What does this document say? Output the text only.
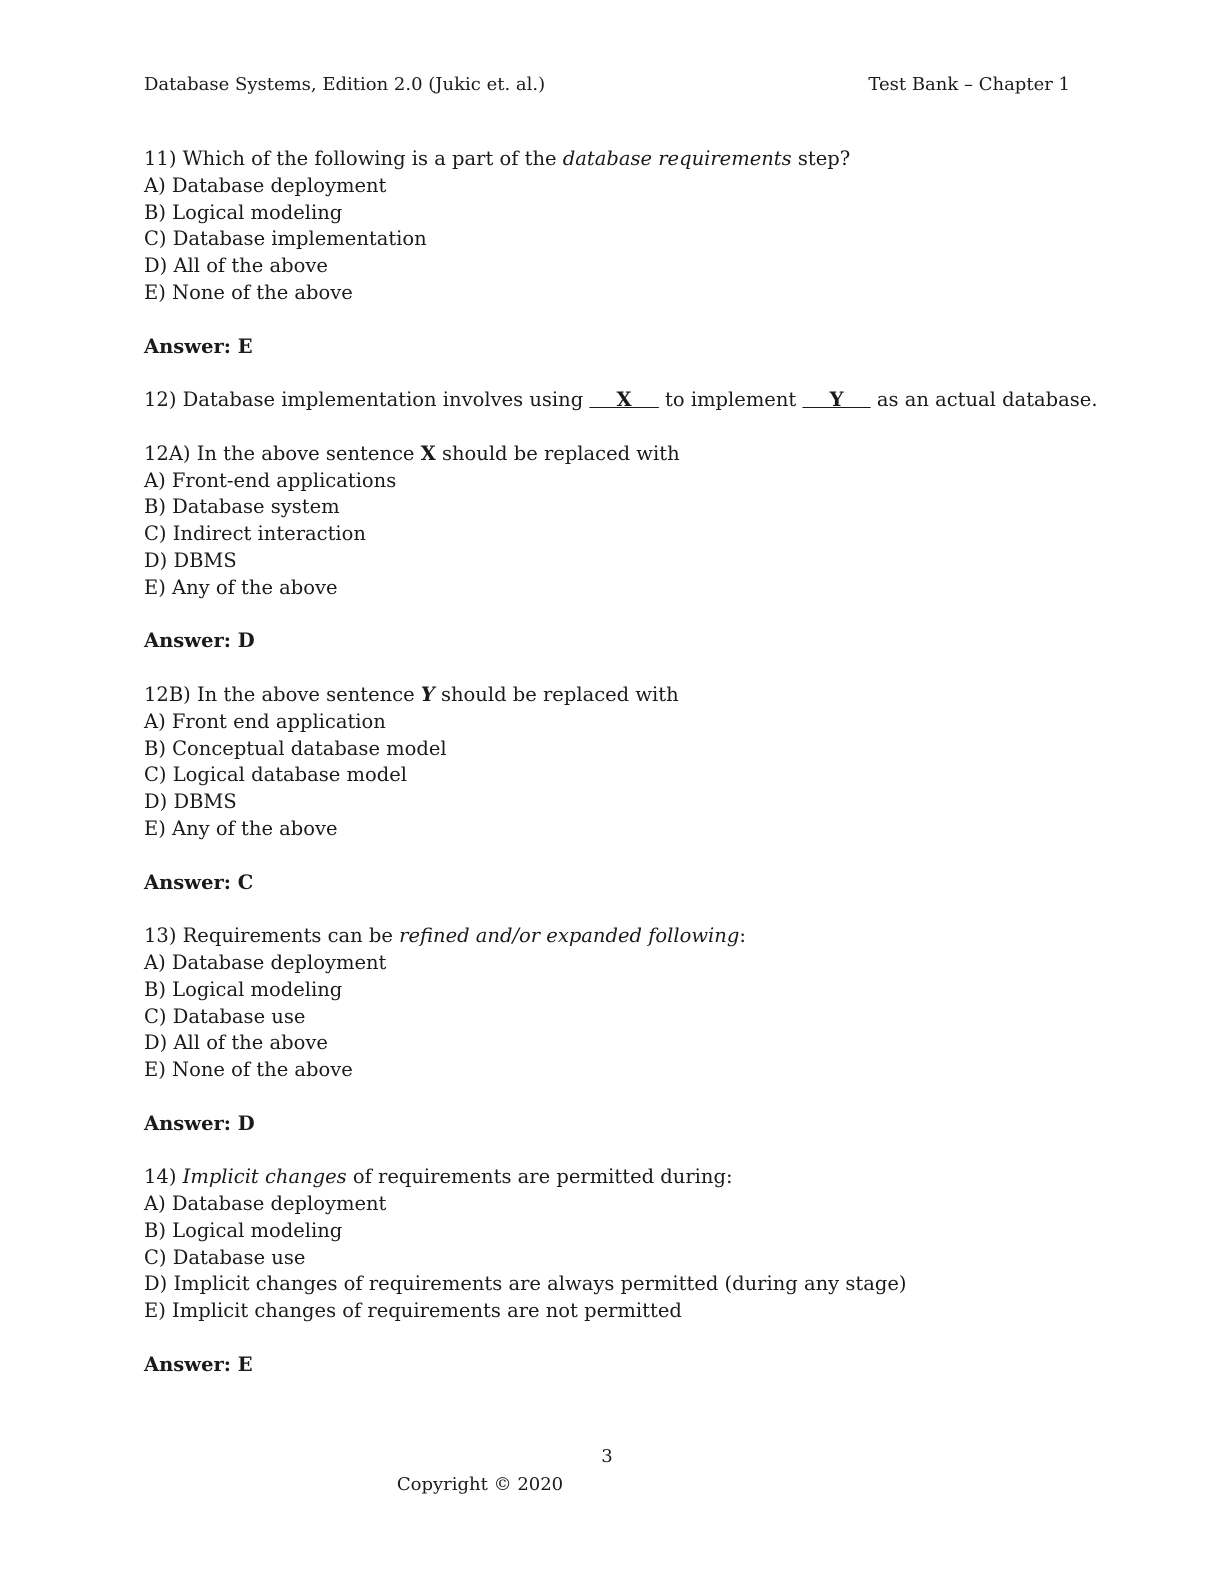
Database Systems, Edition 2.0 (Jukic et. al.)	Test Bank – Chapter 1
11) Which of the following is a part of the database requirements step?
A) Database deployment
B) Logical modeling
C) Database implementation
D) All of the above
E) None of the above
Answer: E
12) Database implementation involves using     X     to implement     Y     as an actual database.
12A) In the above sentence X should be replaced with
A) Front-end applications
B) Database system
C) Indirect interaction
D) DBMS
E) Any of the above
Answer: D
12B) In the above sentence Y should be replaced with
A) Front end application
B) Conceptual database model
C) Logical database model
D) DBMS
E) Any of the above
Answer: C
13) Requirements can be refined and/or expanded following:
A) Database deployment
B) Logical modeling
C) Database use
D) All of the above
E) None of the above
Answer: D
14) Implicit changes of requirements are permitted during:
A) Database deployment
B) Logical modeling
C) Database use
D) Implicit changes of requirements are always permitted (during any stage)
E) Implicit changes of requirements are not permitted
Answer: E
3
Copyright © 2020
